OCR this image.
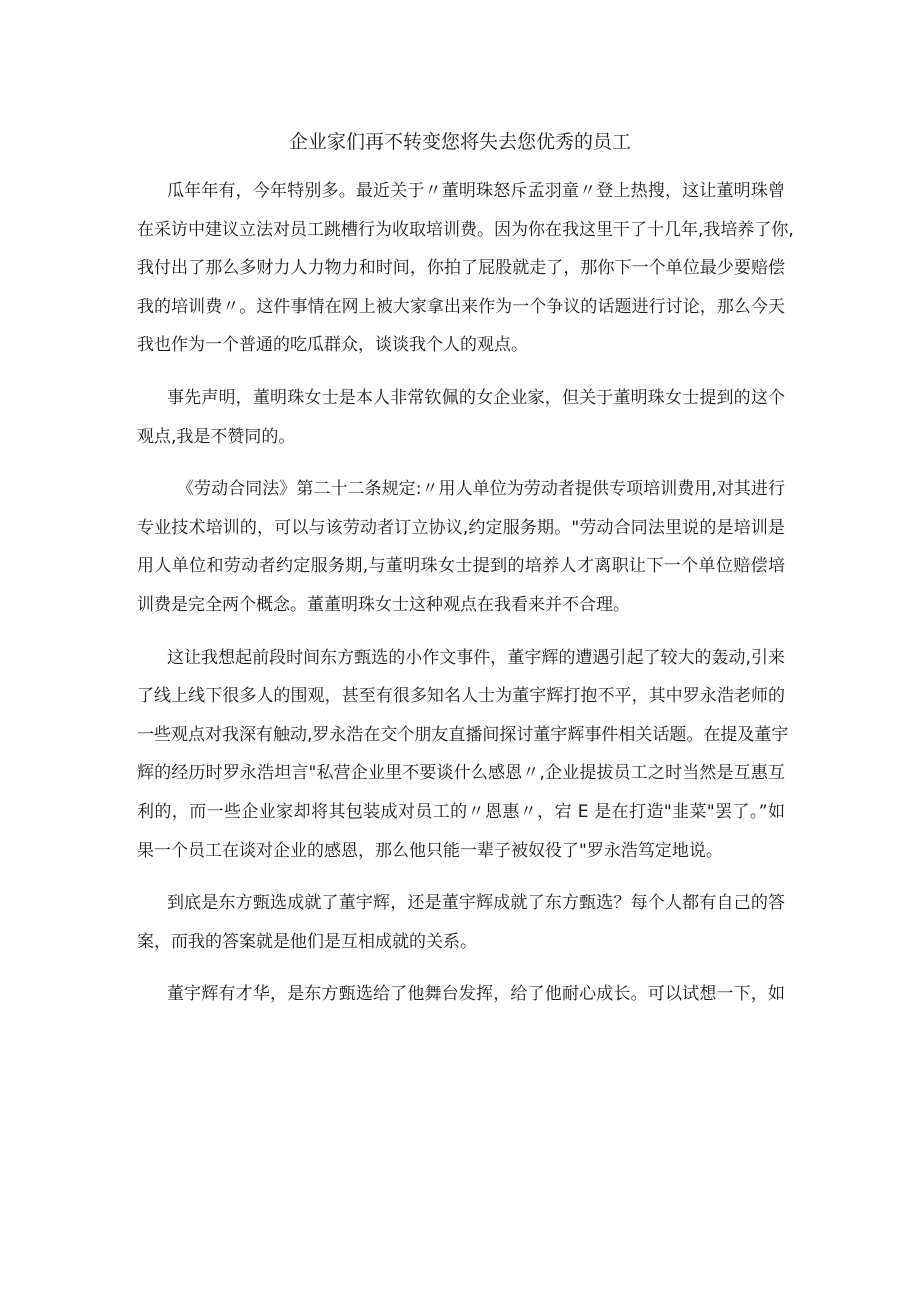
企业家们再不转变您将失去您优秀的员工

瓜年年有，今年特别多。最近关于〃董明珠怒斥孟羽童〃登上热搜，这让董明珠曾
在采访中建议立法对员工跳槽行为收取培训费。因为你在我这里干了十几年,我培养了你,
我付出了那么多财力人力物力和时间，你拍了屁股就走了，那你下一个单位最少要赔偿
我的培训费〃。这件事情在网上被大家拿出来作为一个争议的话题进行讨论，那么今天
我也作为一个普通的吃瓜群众，谈谈我个人的观点。

事先声明，董明珠女士是本人非常钦佩的女企业家，但关于董明珠女士提到的这个
观点,我是不赞同的。

《劳动合同法》第二十二条规定:〃用人单位为劳动者提供专项培训费用,对其进行
专业技术培训的，可以与该劳动者订立协议,约定服务期。"劳动合同法里说的是培训是
用人单位和劳动者约定服务期,与董明珠女士提到的培养人才离职让下一个单位赔偿培
训费是完全两个概念。董董明珠女士这种观点在我看来并不合理。

这让我想起前段时间东方甄选的小作文事件，董宇辉的遭遇引起了较大的轰动,引来
了线上线下很多人的围观，甚至有很多知名人士为董宇辉打抱不平，其中罗永浩老师的
一些观点对我深有触动,罗永浩在交个朋友直播间探讨董宇辉事件相关话题。在提及董宇
辉的经历时罗永浩坦言"私营企业里不要谈什么感恩〃,企业提拔员工之时当然是互惠互
利的，而一些企业家却将其包装成对员工的〃恩惠〃，宕 E 是在打造"韭菜"罢了。”如
果一个员工在谈对企业的感恩，那么他只能一辈子被奴役了"罗永浩笃定地说。

到底是东方甄选成就了董宇辉，还是董宇辉成就了东方甄选？每个人都有自己的答
案，而我的答案就是他们是互相成就的关系。

董宇辉有才华，是东方甄选给了他舞台发挥，给了他耐心成长。可以试想一下，如
